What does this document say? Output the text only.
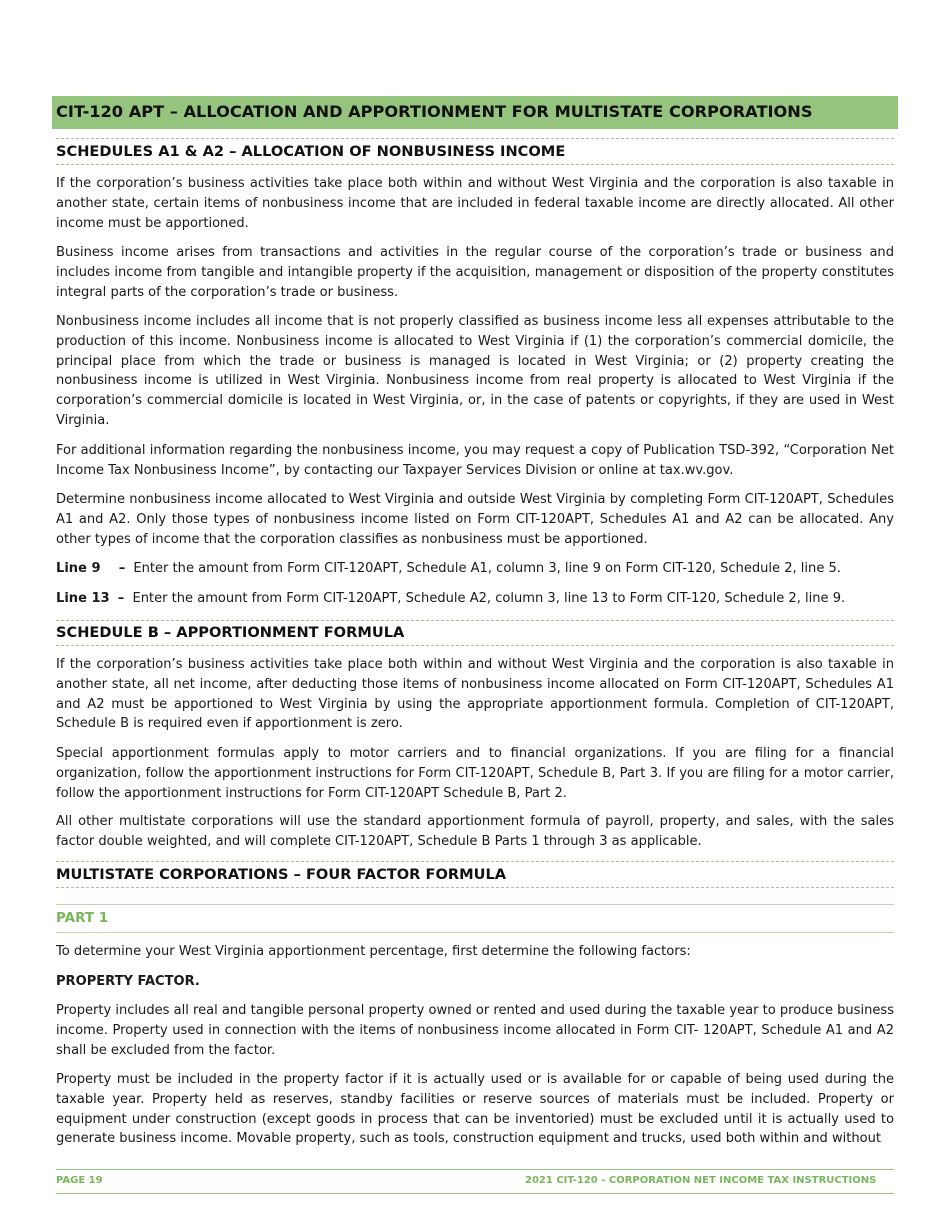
CIT-120 APT – ALLOCATION AND APPORTIONMENT FOR MULTISTATE CORPORATIONS
SCHEDULES A1 & A2 – ALLOCATION OF NONBUSINESS INCOME

If the corporation’s business activities take place both within and without West Virginia and the corporation is also taxable in another state, certain items of nonbusiness income that are included in federal taxable income are directly allocated. All other income must be apportioned.

Business income arises from transactions and activities in the regular course of the corporation’s trade or business and includes income from tangible and intangible property if the acquisition, management or disposition of the property constitutes integral parts of the corporation’s trade or business.

Nonbusiness income includes all income that is not properly classified as business income less all expenses attributable to the production of this income. Nonbusiness income is allocated to West Virginia if (1) the corporation’s commercial domicile, the principal place from which the trade or business is managed is located in West Virginia; or (2) property creating the nonbusiness income is utilized in West Virginia. Nonbusiness income from real property is allocated to West Virginia if the corporation’s commercial domicile is located in West Virginia, or, in the case of patents or copyrights, if they are used in West Virginia.

For additional information regarding the nonbusiness income, you may request a copy of Publication TSD-392, “Corporation Net Income Tax Nonbusiness Income”, by contacting our Taxpayer Services Division or online at tax.wv.gov.

Determine nonbusiness income allocated to West Virginia and outside West Virginia by completing Form CIT-120APT, Schedules A1 and A2. Only those types of nonbusiness income listed on Form CIT-120APT, Schedules A1 and A2 can be allocated. Any other types of income that the corporation classifies as nonbusiness must be apportioned.

Line 9 – Enter the amount from Form CIT-120APT, Schedule A1, column 3, line 9 on Form CIT-120, Schedule 2, line 5.
Line 13 – Enter the amount from Form CIT-120APT, Schedule A2, column 3, line 13 to Form CIT-120, Schedule 2, line 9.
SCHEDULE B – APPORTIONMENT FORMULA

If the corporation’s business activities take place both within and without West Virginia and the corporation is also taxable in another state, all net income, after deducting those items of nonbusiness income allocated on Form CIT-120APT, Schedules A1 and A2 must be apportioned to West Virginia by using the appropriate apportionment formula. Completion of CIT-120APT, Schedule B is required even if apportionment is zero.

Special apportionment formulas apply to motor carriers and to financial organizations. If you are filing for a financial organization, follow the apportionment instructions for Form CIT-120APT, Schedule B, Part 3. If you are filing for a motor carrier, follow the apportionment instructions for Form CIT-120APT Schedule B, Part 2.

All other multistate corporations will use the standard apportionment formula of payroll, property, and sales, with the sales factor double weighted, and will complete CIT-120APT, Schedule B Parts 1 through 3 as applicable.

MULTISTATE CORPORATIONS – FOUR FACTOR FORMULA
PART 1
To determine your West Virginia apportionment percentage, first determine the following factors:
PROPERTY FACTOR.

Property includes all real and tangible personal property owned or rented and used during the taxable year to produce business income. Property used in connection with the items of nonbusiness income allocated in Form CIT- 120APT, Schedule A1 and A2 shall be excluded from the factor.

Property must be included in the property factor if it is actually used or is available for or capable of being used during the taxable year. Property held as reserves, standby facilities or reserve sources of materials must be included. Property or equipment under construction (except goods in process that can be inventoried) must be excluded until it is actually used to generate business income. Movable property, such as tools, construction equipment and trucks, used both within and without

PAGE 19	2021 CIT-120 - CORPORATION NET INCOME TAX INSTRUCTIONS
